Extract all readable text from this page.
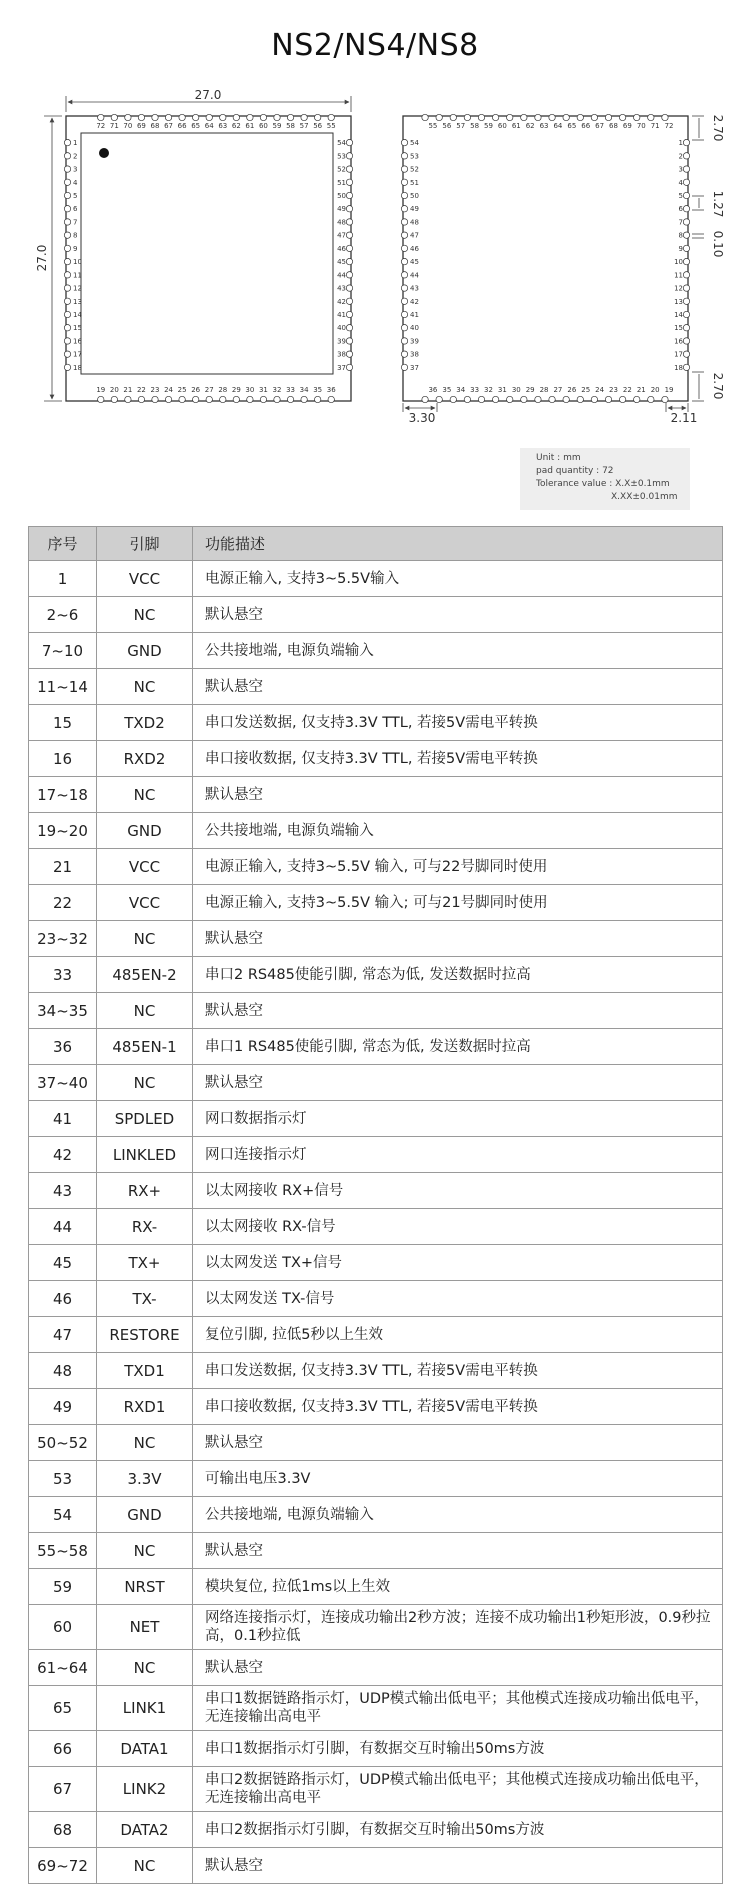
NS2/NS4/NS8
72 71 70 69 68 67 66 65 64 63 62 61 60 59 58 57 56 55
19 20 21 22 23 24 25 26 27 28 29 30 31 32 33 34 35 36
1
2
3
4
5
6
7
8
9
10
11
12
13
14
15
16
17
18
54
53
52
51
50
49
48
47
46
45
44
43
42
41
40
39
38
37
27.0
27.0
55 56 57 58 59 60 61 62 63 64 65 66 67 68 69 70 71 72
36 35 34 33 32 31 30 29 28 27 26 25 24 23 22 21 20 19
54
53
52
51
50
49
48
47
46
45
44
43
42
41
40
39
38
37
1
2
3
4
5
6
7
8
9
10
11
12
13
14
15
16
17
18
3.30	2.11
2.70
1.27
0.10
2.70
Unit : mm
pad quantity : 72
Tolerance value : X.X±0.1mm
X.XX±0.01mm
序号	引脚	功能描述
1	VCC	电源正输入, 支持3~5.5V输入
2~6	NC	默认悬空
7~10	GND	公共接地端, 电源负端输入
11~14	NC	默认悬空
15	TXD2	串口发送数据, 仅支持3.3V TTL, 若接5V需电平转换
16	RXD2	串口接收数据, 仅支持3.3V TTL, 若接5V需电平转换
17~18	NC	默认悬空
19~20	GND	公共接地端, 电源负端输入
21	VCC	电源正输入, 支持3~5.5V 输入, 可与22号脚同时使用
22	VCC	电源正输入, 支持3~5.5V 输入; 可与21号脚同时使用
23~32	NC	默认悬空
33	485EN-2	串口2 RS485使能引脚, 常态为低, 发送数据时拉高
34~35	NC	默认悬空
36	485EN-1	串口1 RS485使能引脚, 常态为低, 发送数据时拉高
37~40	NC	默认悬空
41	SPDLED	网口数据指示灯
42	LINKLED	网口连接指示灯
43	RX+	以太网接收 RX+信号
44	RX-	以太网接收 RX-信号
45	TX+	以太网发送 TX+信号
46	TX-	以太网发送 TX-信号
47	RESTORE	复位引脚, 拉低5秒以上生效
48	TXD1	串口发送数据, 仅支持3.3V TTL, 若接5V需电平转换
49	RXD1	串口接收数据, 仅支持3.3V TTL, 若接5V需电平转换
50~52	NC	默认悬空
53	3.3V	可输出电压3.3V
54	GND	公共接地端, 电源负端输入
55~58	NC	默认悬空
59	NRST	模块复位, 拉低1ms以上生效
60	NET	网络连接指示灯，连接成功输出2秒方波；连接不成功输出1秒矩形波，0.9秒拉高，0.1秒拉低
61~64	NC	默认悬空
65	LINK1	串口1数据链路指示灯，UDP模式输出低电平；其他模式连接成功输出低电平，无连接输出高电平
66	DATA1	串口1数据指示灯引脚，有数据交互时输出50ms方波
67	LINK2	串口2数据链路指示灯，UDP模式输出低电平；其他模式连接成功输出低电平，无连接输出高电平
68	DATA2	串口2数据指示灯引脚，有数据交互时输出50ms方波
69~72	NC	默认悬空
